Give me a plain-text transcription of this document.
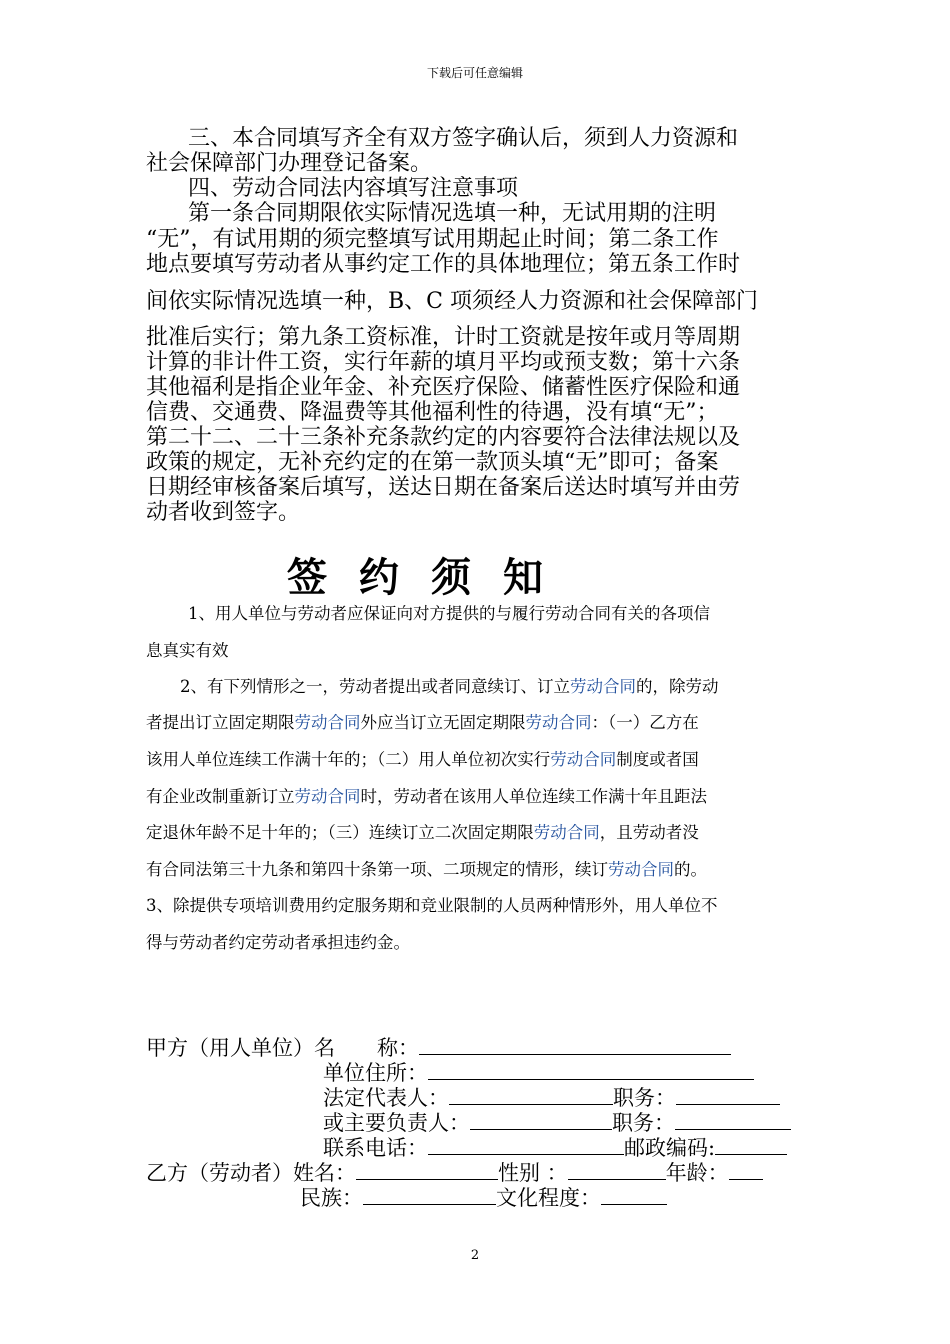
下载后可任意编辑
三、本合同填写齐全有双方签字确认后，须到人力资源和
社会保障部门办理登记备案。
四、劳动合同法内容填写注意事项
第一条合同期限依实际情况选填一种，无试用期的注明
“无”，有试用期的须完整填写试用期起止时间；第二条工作
地点要填写劳动者从事约定工作的具体地理位；第五条工作时
间依实际情况选填一种，B、C 项须经人力资源和社会保障部门
批准后实行；第九条工资标准，计时工资就是按年或月等周期
计算的非计件工资，实行年薪的填月平均或预支数；第十六条
其他福利是指企业年金、补充医疗保险、储蓄性医疗保险和通
信费、交通费、降温费等其他福利性的待遇，没有填“无”；
第二十二、二十三条补充条款约定的内容要符合法律法规以及
政策的规定，无补充约定的在第一款顶头填“无”即可；备案
日期经审核备案后填写，送达日期在备案后送达时填写并由劳
动者收到签字。
签约须知
1、用人单位与劳动者应保证向对方提供的与履行劳动合同有关的各项信
息真实有效
2、有下列情形之一，劳动者提出或者同意续订、订立劳动合同的，除劳动
者提出订立固定期限劳动合同外应当订立无固定期限劳动合同：（一）乙方在
该用人单位连续工作满十年的；（二）用人单位初次实行劳动合同制度或者国
有企业改制重新订立劳动合同时，劳动者在该用人单位连续工作满十年且距法
定退休年龄不足十年的；（三）连续订立二次固定期限劳动合同，且劳动者没
有合同法第三十九条和第四十条第一项、二项规定的情形，续订劳动合同的。
3、除提供专项培训费用约定服务期和竞业限制的人员两种情形外，用人单位不
得与劳动者约定劳动者承担违约金。
甲方（用人单位）名　　称：
单位住所：
法定代表人：	职务：
或主要负责人：	职务：
联系电话：	邮政编码:
乙方（劳动者）姓名：	性别 ：	年龄：
民族：	文化程度：
2
